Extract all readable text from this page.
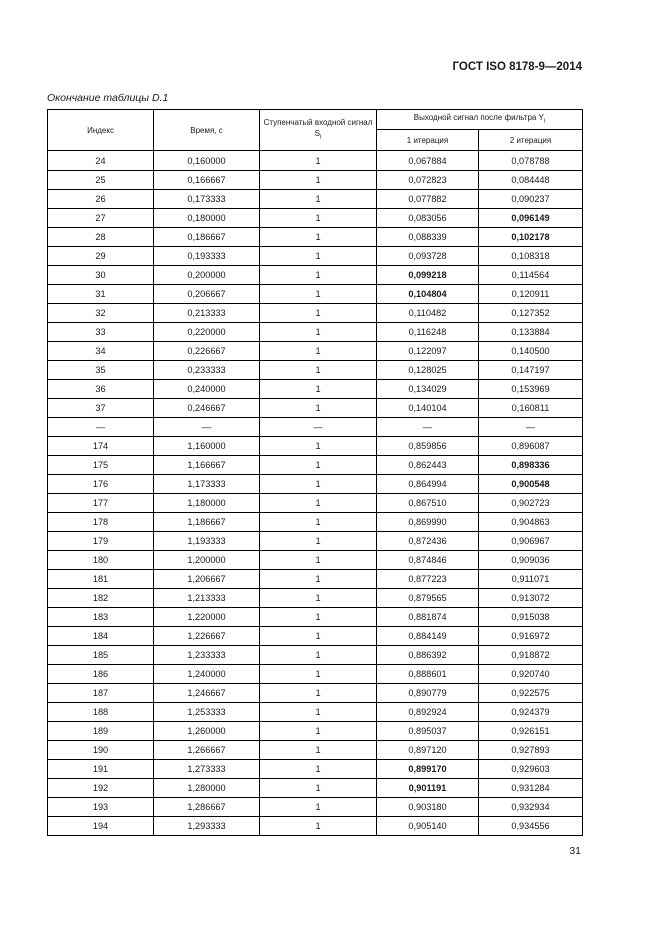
ГОСТ ISO 8178-9—2014
Окончание таблицы D.1
Индекс	Время, с	Ступенчатый входной сигнал $S_i$	Выходной сигнал после фильтра $Y_i$
			1 итерация	2 итерация
24	0,160000	1	0,067884	0,078788
25	0,166667	1	0,072823	0,084448
26	0,173333	1	0,077882	0,090237
27	0,180000	1	0,083056	0,096149
28	0,186667	1	0,088339	0,102178
29	0,193333	1	0,093728	0,108318
30	0,200000	1	0,099218	0,114564
31	0,206667	1	0,104804	0,120911
32	0,213333	1	0,110482	0,127352
33	0,220000	1	0,116248	0,133884
34	0,226667	1	0,122097	0,140500
35	0,233333	1	0,128025	0,147197
36	0,240000	1	0,134029	0,153969
37	0,246667	1	0,140104	0,160811
—	—	—	—	—
174	1,160000	1	0,859856	0,896087
175	1,166667	1	0,862443	0,898336
176	1,173333	1	0,864994	0,900548
177	1,180000	1	0,867510	0,902723
178	1,186667	1	0,869990	0,904863
179	1,193333	1	0,872436	0,906967
180	1,200000	1	0,874846	0,909036
181	1,206667	1	0,877223	0,911071
182	1,213333	1	0,879565	0,913072
183	1,220000	1	0,881874	0,915038
184	1,226667	1	0,884149	0,916972
185	1,233333	1	0,886392	0,918872
186	1,240000	1	0,888601	0,920740
187	1,246667	1	0,890779	0,922575
188	1,253333	1	0,892924	0,924379
189	1,260000	1	0,895037	0,926151
190	1,266667	1	0,897120	0,927893
191	1,273333	1	0,899170	0,929603
192	1,280000	1	0,901191	0,931284
193	1,286667	1	0,903180	0,932934
194	1,293333	1	0,905140	0,934556
31
